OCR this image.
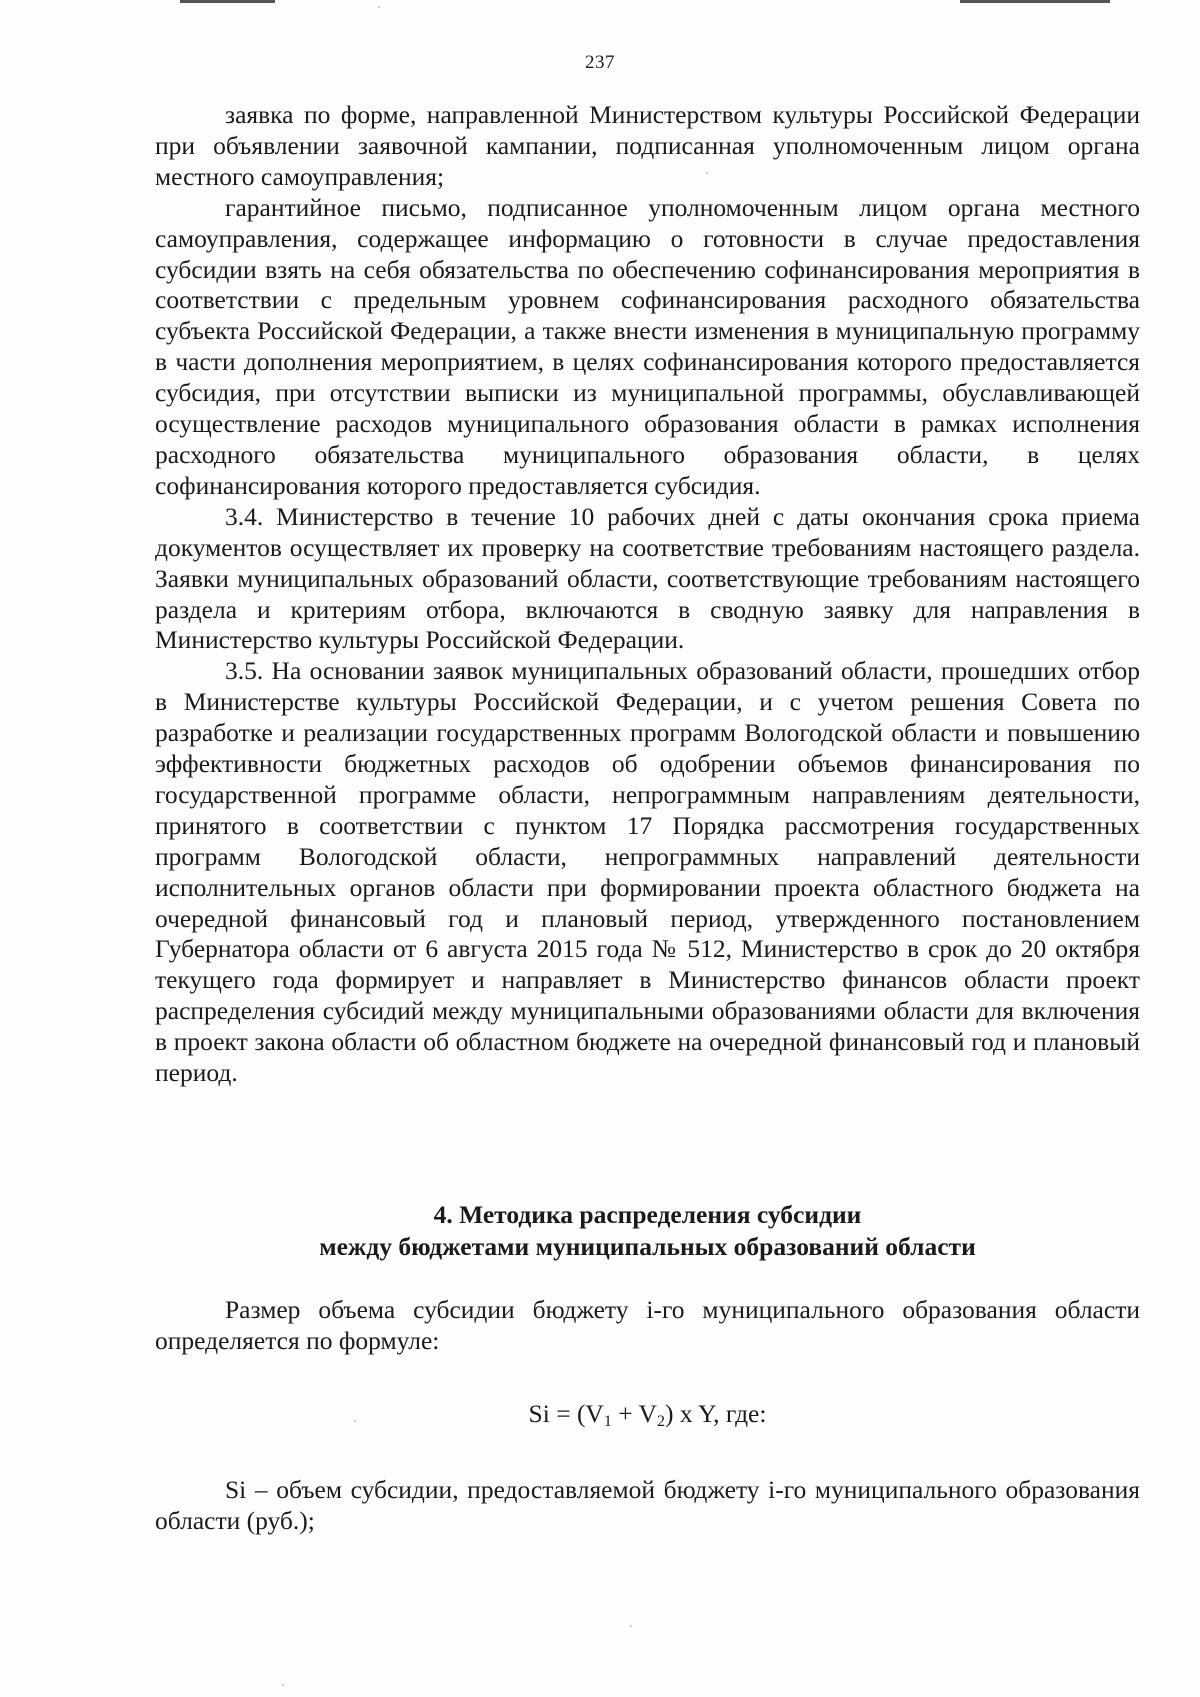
237

заявка по форме, направленной Министерством культуры Российской Федерации при объявлении заявочной кампании, подписанная уполномоченным лицом органа местного самоуправления;

гарантийное письмо, подписанное уполномоченным лицом органа местного самоуправления, содержащее информацию о готовности в случае предоставления субсидии взять на себя обязательства по обеспечению софинансирования мероприятия в соответствии с предельным уровнем софинансирования расходного обязательства субъекта Российской Федерации, а также внести изменения в муниципальную программу в части дополнения мероприятием, в целях софинансирования которого предоставляется субсидия, при отсутствии выписки из муниципальной программы, обуславливающей осуществление расходов муниципального образования области в рамках исполнения расходного обязательства муниципального образования области, в целях софинансирования которого предоставляется субсидия.

3.4. Министерство в течение 10 рабочих дней с даты окончания срока приема документов осуществляет их проверку на соответствие требованиям настоящего раздела. Заявки муниципальных образований области, соответствующие требованиям настоящего раздела и критериям отбора, включаются в сводную заявку для направления в Министерство культуры Российской Федерации.

3.5. На основании заявок муниципальных образований области, прошедших отбор в Министерстве культуры Российской Федерации, и с учетом решения Совета по разработке и реализации государственных программ Вологодской области и повышению эффективности бюджетных расходов об одобрении объемов финансирования по государственной программе области, непрограммным направлениям деятельности, принятого в соответствии с пунктом 17 Порядка рассмотрения государственных программ Вологодской области, непрограммных направлений деятельности исполнительных органов области при формировании проекта областного бюджета на очередной финансовый год и плановый период, утвержденного постановлением Губернатора области от 6 августа 2015 года № 512, Министерство в срок до 20 октября текущего года формирует и направляет в Министерство финансов области проект распределения субсидий между муниципальными образованиями области для включения в проект закона области об областном бюджете на очередной финансовый год и плановый период.

4. Методика распределения субсидии
между бюджетами муниципальных образований области

Размер объема субсидии бюджету i-го муниципального образования области определяется по формуле:

$Si = (V_1 + V_2)$ x Y, где:

Si – объем субсидии, предоставляемой бюджету i-го муниципального образования области (руб.);
